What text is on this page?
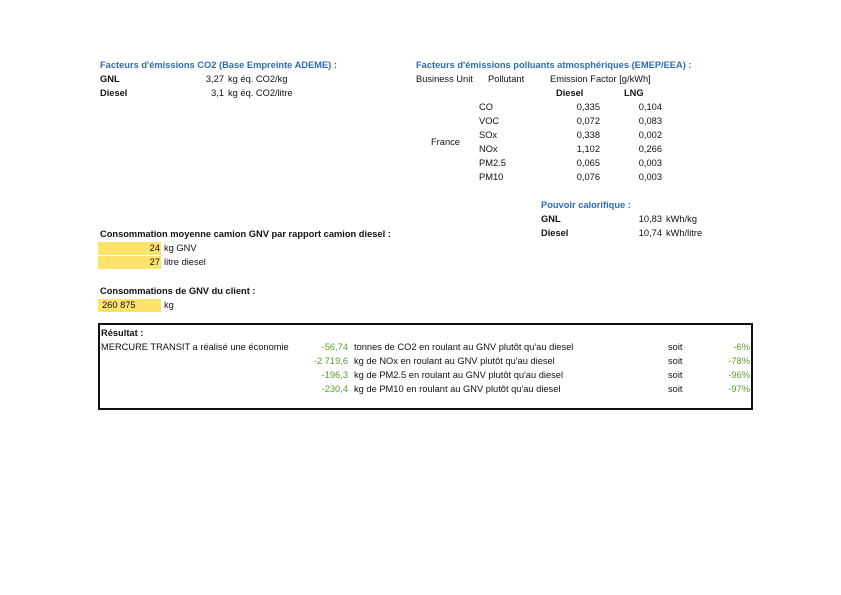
Facteurs d'émissions CO2 (Base Empreinte ADEME) :
GNL	3,27 kg éq. CO2/kg
Diesel	3,1 kg éq. CO2/litre
Facteurs d'émissions polluants atmosphériques (EMEP/EEA) :
Business Unit Pollutant	Emission Factor [g/kWh]
Diesel	LNG
France
CO	0,335	0,104
VOC	0,072	0,083
SOx	0,338	0,002
NOx	1,102	0,266
PM2.5	0,065	0,003
PM10	0,076	0,003
Pouvoir calorifique :
GNL	10,83 kWh/kg
Diesel	10,74 kWh/litre
Consommation moyenne camion GNV par rapport camion diesel :
24 kg GNV
27 litre diesel
Consommations de GNV du client :
260 875	kg
Résultat :
MERCURE TRANSIT a réalisé une économie	-56,74 tonnes de CO2 en roulant au GNV plutôt qu'au diesel	soit	-6%
-2 719,6 kg de NOx en roulant au GNV plutôt qu'au diesel	soit	-78%
-196,3 kg de PM2.5 en roulant au GNV plutôt qu'au diesel	soit	-96%
-230,4 kg de PM10 en roulant au GNV plutôt qu'au diesel	soit	-97%
